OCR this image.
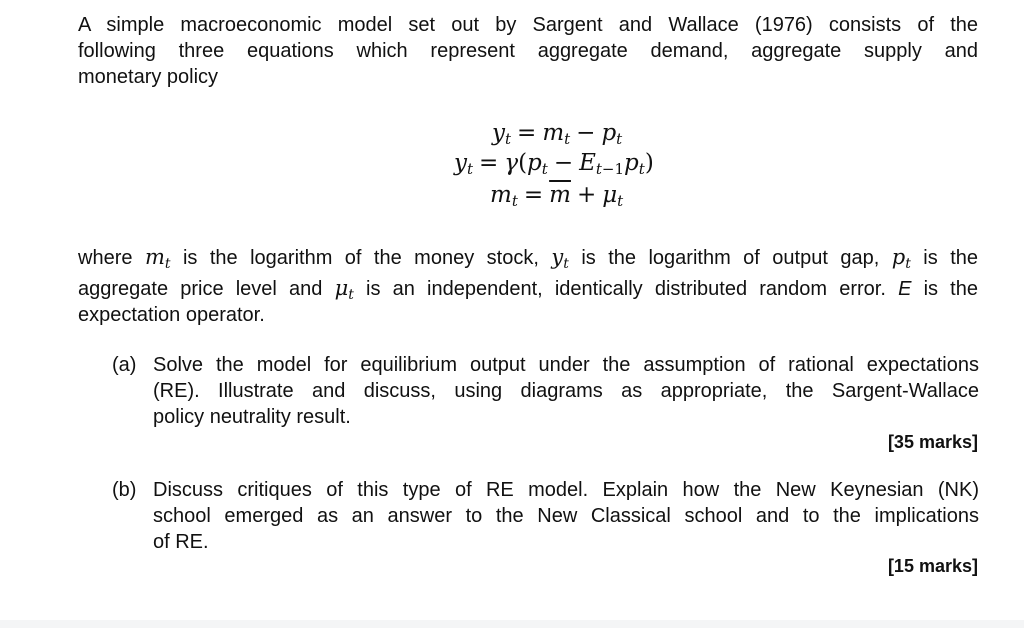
A simple macroeconomic model set out by Sargent and Wallace (1976) consists of the
following three equations which represent aggregate demand, aggregate supply and
monetary policy
$y_t = m_t - p_t$
$y_t = \gamma(p_t - E_{t-1}p_t)$
$m_t = \overline{m} + \mu_t$
where $m_t$ is the logarithm of the money stock, $y_t$ is the logarithm of output gap, $p_t$ is the
aggregate price level and $\mu_t$ is an independent, identically distributed random error. E is the
expectation operator.
(a) Solve the model for equilibrium output under the assumption of rational expectations
(RE). Illustrate and discuss, using diagrams as appropriate, the Sargent-Wallace
policy neutrality result.
[35 marks]
(b) Discuss critiques of this type of RE model. Explain how the New Keynesian (NK)
school emerged as an answer to the New Classical school and to the implications
of RE.
[15 marks]
